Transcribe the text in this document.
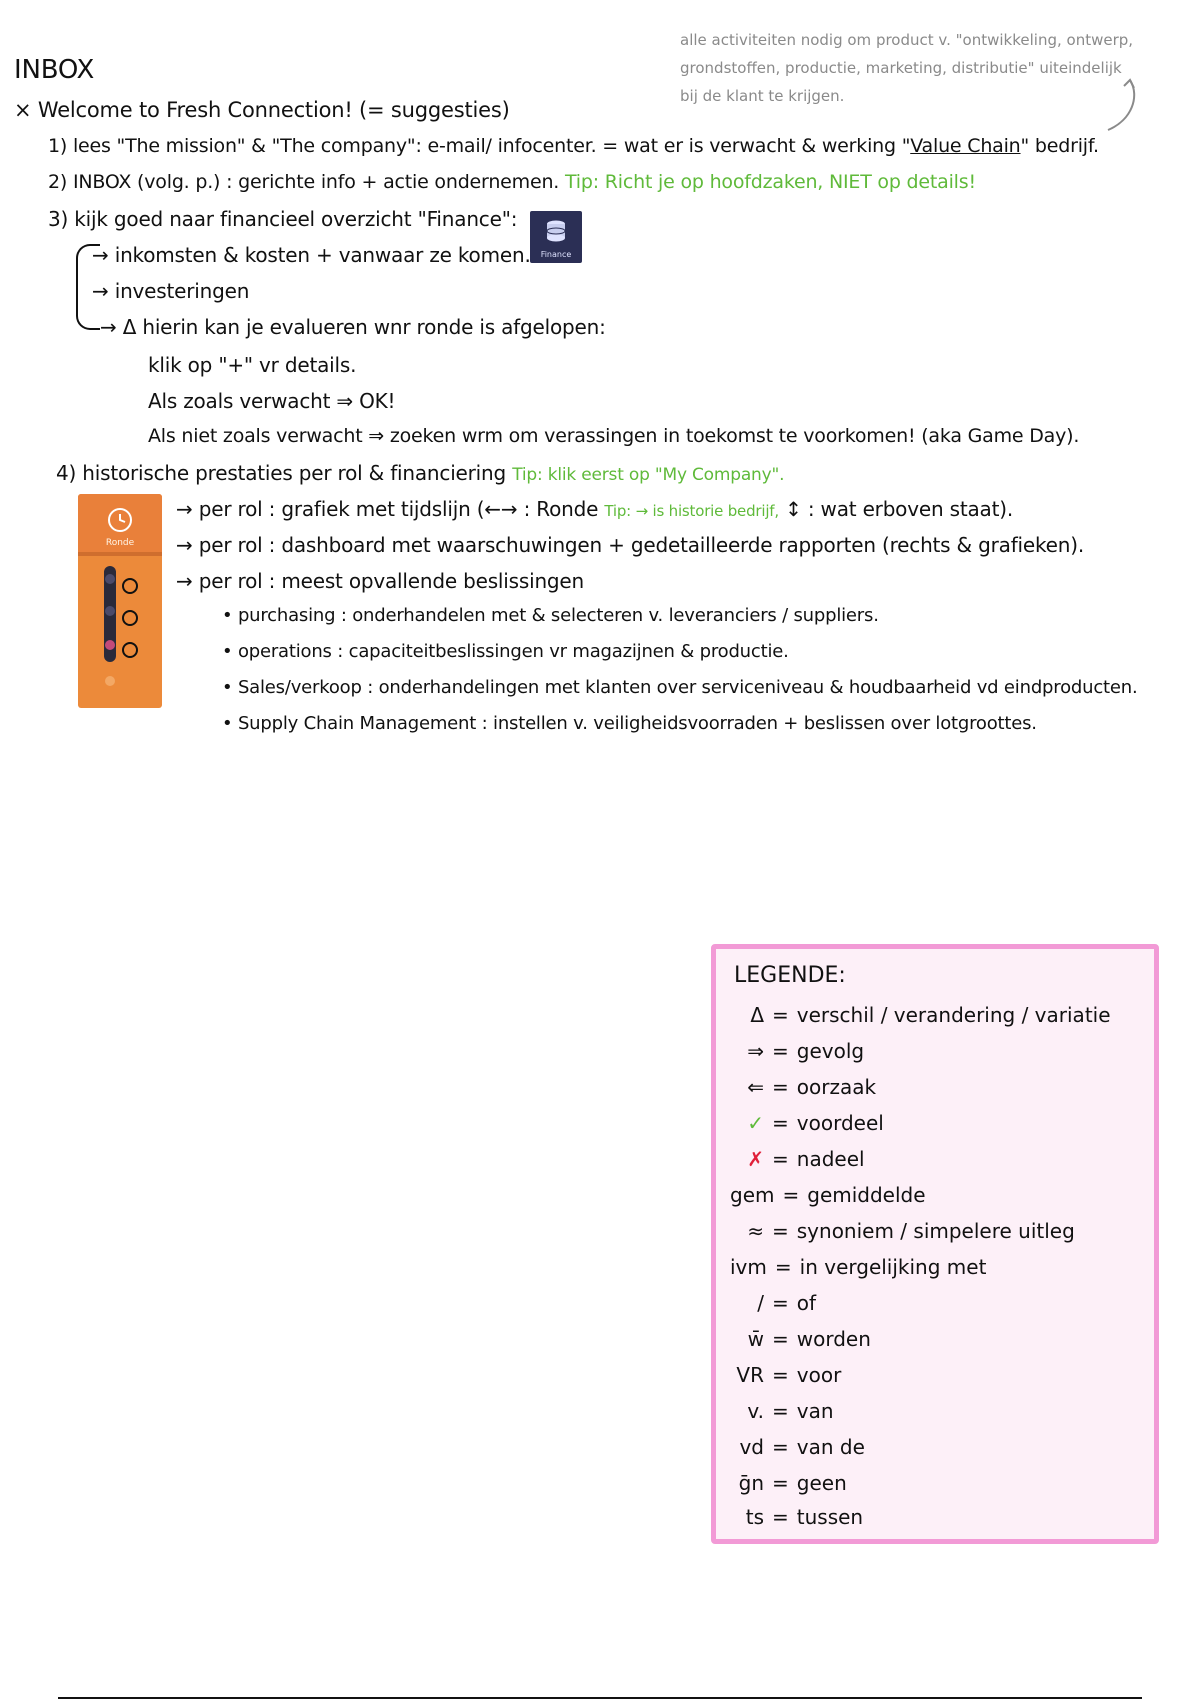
alle activiteiten nodig om product v. "ontwikkeling, ontwerp, grondstoffen, productie, marketing, distributie" uiteindelijk bij de klant te krijgen.
INBOX
× Welcome to Fresh Connection! (= suggesties)
1) lees "The mission" & "The company": e-mail/ infocenter. = wat er is verwacht & werking "Value Chain" bedrijf.
2) INBOX (volg. p.) : gerichte info + actie ondernemen. Tip: Richt je op hoofdzaken, NIET op details!
3) kijk goed naar financieel overzicht "Finance":
Finance
→ inkomsten & kosten + vanwaar ze komen.
→ investeringen
→ Δ hierin kan je evalueren wnr ronde is afgelopen:
klik op "+" vr details.
Als zoals verwacht ⇒ OK!
Als niet zoals verwacht ⇒ zoeken wrm om verassingen in toekomst te voorkomen! (aka Game Day).
4) historische prestaties per rol & financiering Tip: klik eerst op "My Company".
Ronde
→ per rol : grafiek met tijdslijn (←→ : Ronde Tip: → is historie bedrijf, ↕ : wat erboven staat).
→ per rol : dashboard met waarschuwingen + gedetailleerde rapporten (rechts & grafieken).
→ per rol : meest opvallende beslissingen
• purchasing : onderhandelen met & selecteren v. leveranciers / suppliers.
• operations : capaciteitbeslissingen vr magazijnen & productie.
• Sales/verkoop : onderhandelingen met klanten over serviceniveau & houdbaarheid vd eindproducten.
• Supply Chain Management : instellen v. veiligheidsvoorraden + beslissen over lotgroottes.
LEGENDE:
Δ = verschil / verandering / variatie
⇒ = gevolg
⇐ = oorzaak
✓ = voordeel
✗ = nadeel
gem = gemiddelde
≈ = synoniem / simpelere uitleg
ivm = in vergelijking met
/ = of
w̄ = worden
VR = voor
v. = van
vd = van de
ḡn = geen
ts = tussen
